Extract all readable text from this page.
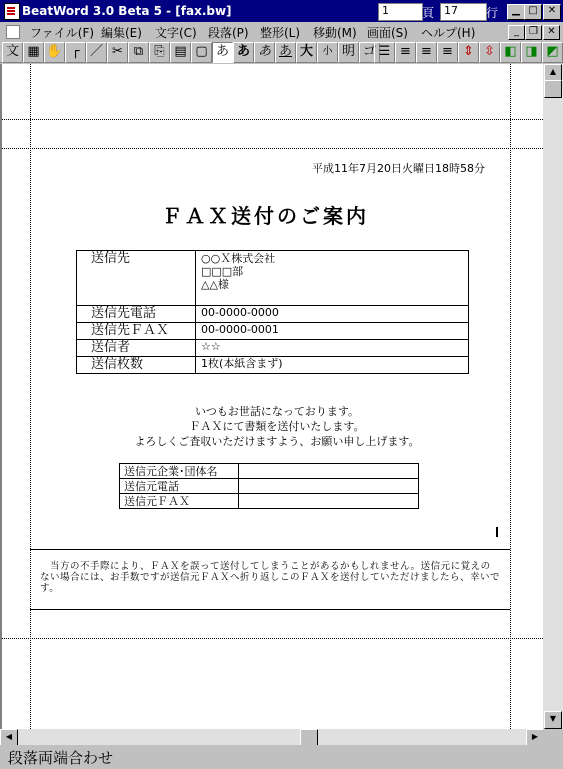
BeatWord 3.0 Beta 5 - [fax.bw]	1	頁 17	行	▁ □	✕
ファイル(F) 編集(E) 文字(C) 段落(P) 整形(L) 移動(M) 画面(S) ヘルプ(H)	_	❐ ✕
文 ▦ ✋ ┌ ／ ✂ ⧉ ⎘ ▤ ▢ あ あ あ あ 大 小 明 ゴ ☰ ≡ ≡ ≡ ⇕ ⇳ ◧ ◨ ◩
平成11年7月20日火曜日18時58分
ＦＡＸ送付のご案内
送信先	○○Ｘ株式会社
□□□部
△△様

送信先電話	00-0000-0000
送信先ＦＡＸ	00-0000-0001
送信者	☆☆
送信枚数	1枚(本紙含まず)
いつもお世話になっております。
ＦＡＸにて書類を送付いたします。
よろしくご査収いただけますよう、お願い申し上げます。
送信元企業･団体名	
送信元電話	
送信元ＦＡＸ	
　当方の不手際により、ＦＡＸを誤って送付してしまうことがあるかもしれません。送信元に覚えのない場合には、お手数ですが送信元ＦＡＸへ折り返しこのＦＡＸを送付していただけましたら、幸いです。
▲
▼
◀	▶
段落両端合わせ
